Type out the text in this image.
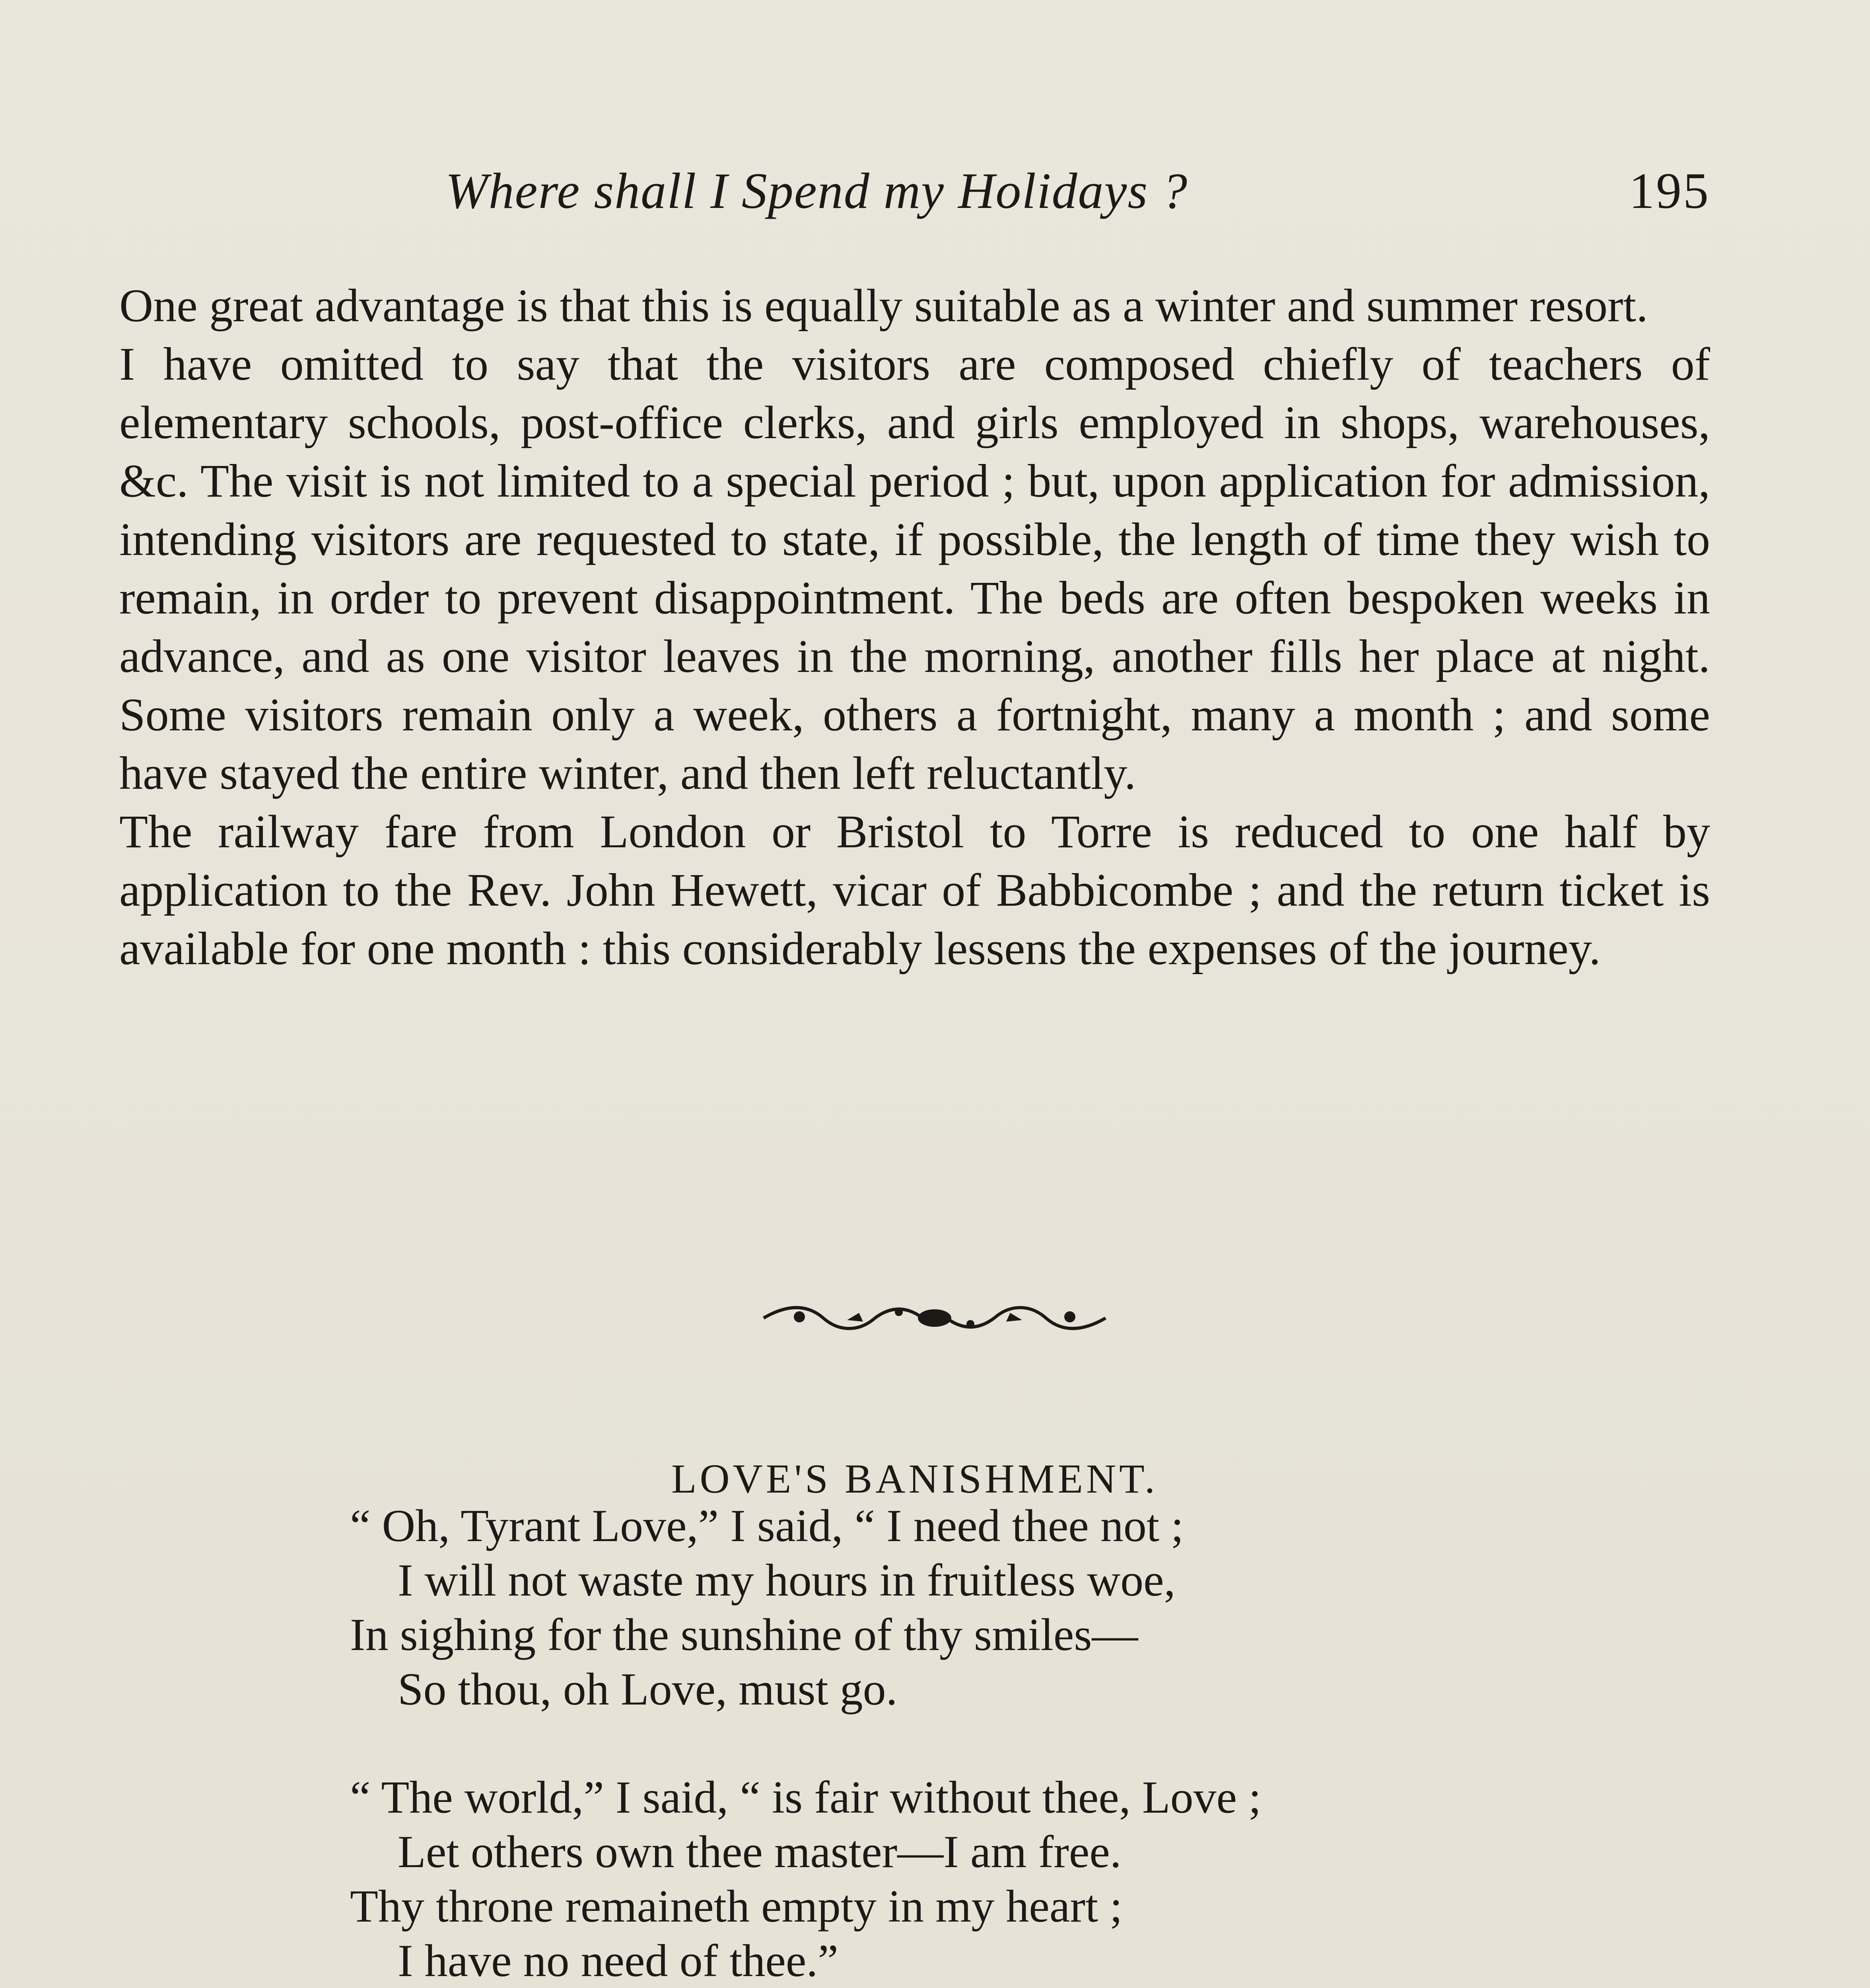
Where shall I Spend my Holidays ?	195

One great advantage is that this is equally suitable as a winter and summer resort.

I have omitted to say that the visitors are composed chiefly of teachers of elementary schools, post-office clerks, and girls employed in shops, warehouses, &c. The visit is not limited to a special period ; but, upon application for admission, intending visitors are requested to state, if possible, the length of time they wish to remain, in order to prevent disappointment. The beds are often bespoken weeks in advance, and as one visitor leaves in the morning, another fills her place at night. Some visitors remain only a week, others a fortnight, many a month ; and some have stayed the entire winter, and then left reluctantly.

The railway fare from London or Bristol to Torre is reduced to one half by application to the Rev. John Hewett, vicar of Babbicombe ; and the return ticket is available for one month : this considerably lessens the expenses of the journey.

LOVE'S BANISHMENT.
“ Oh, Tyrant Love,” I said, “ I need thee not ;
I will not waste my hours in fruitless woe,
In sighing for the sunshine of thy smiles—
So thou, oh Love, must go.
“ The world,” I said, “ is fair without thee, Love ;
Let others own thee master—I am free.
Thy throne remaineth empty in my heart ;
I have no need of thee.”
